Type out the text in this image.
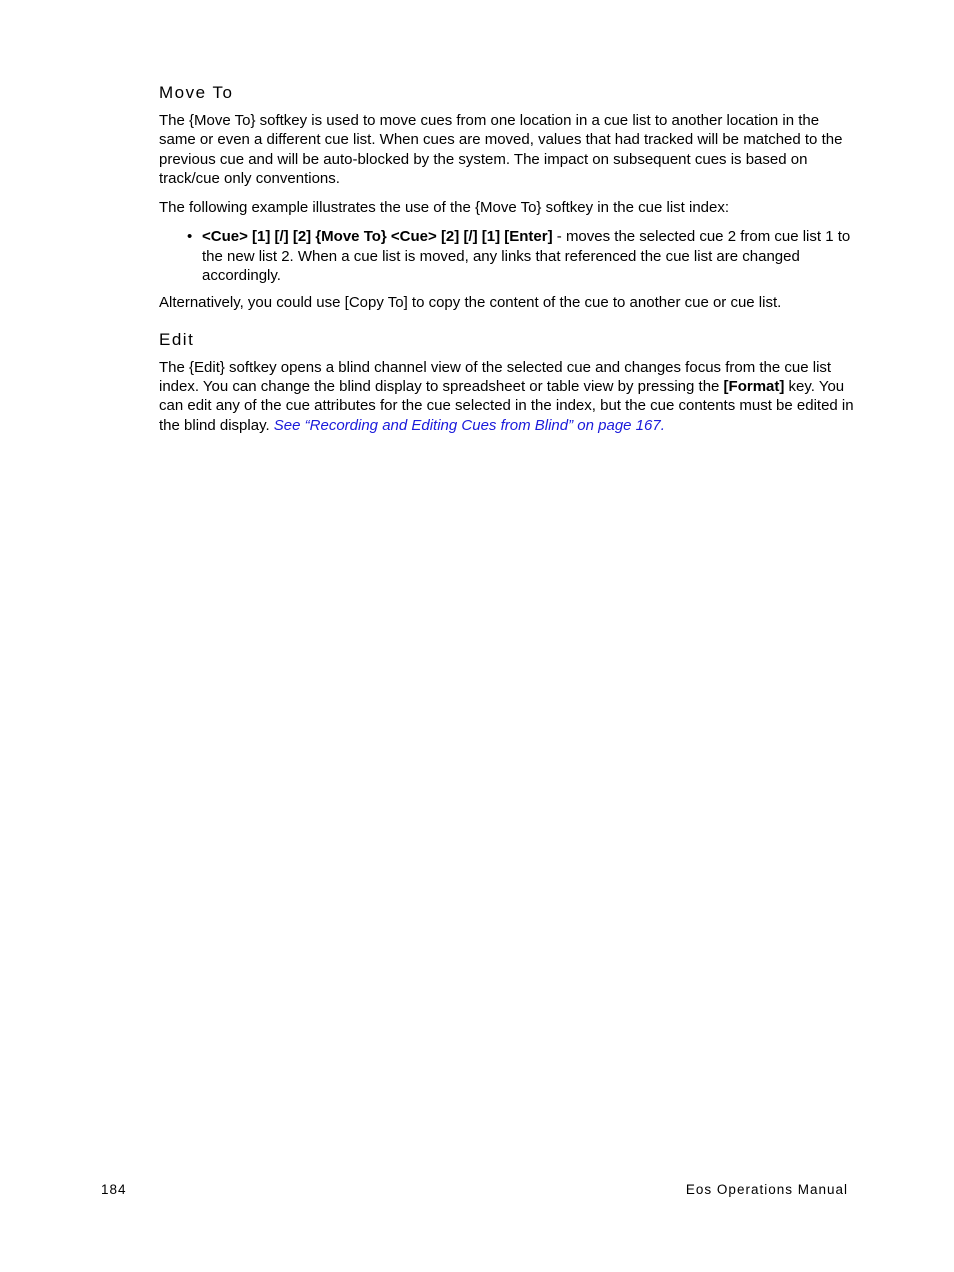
Move To

The {Move To} softkey is used to move cues from one location in a cue list to another location in the same or even a different cue list. When cues are moved, values that had tracked will be matched to the previous cue and will be auto-blocked by the system. The impact on subsequent cues is based on track/cue only conventions.

The following example illustrates the use of the {Move To} softkey in the cue list index:

• <Cue> [1] [/] [2] {Move To} <Cue> [2] [/] [1] [Enter] - moves the selected cue 2 from cue list 1 to the new list 2. When a cue list is moved, any links that referenced the cue list are changed accordingly.

Alternatively, you could use [Copy To] to copy the content of the cue to another cue or cue list.

Edit

The {Edit} softkey opens a blind channel view of the selected cue and changes focus from the cue list index. You can change the blind display to spreadsheet or table view by pressing the [Format] key. You can edit any of the cue attributes for the cue selected in the index, but the cue contents must be edited in the blind display. See “Recording and Editing Cues from Blind” on page 167.

184	Eos Operations Manual
